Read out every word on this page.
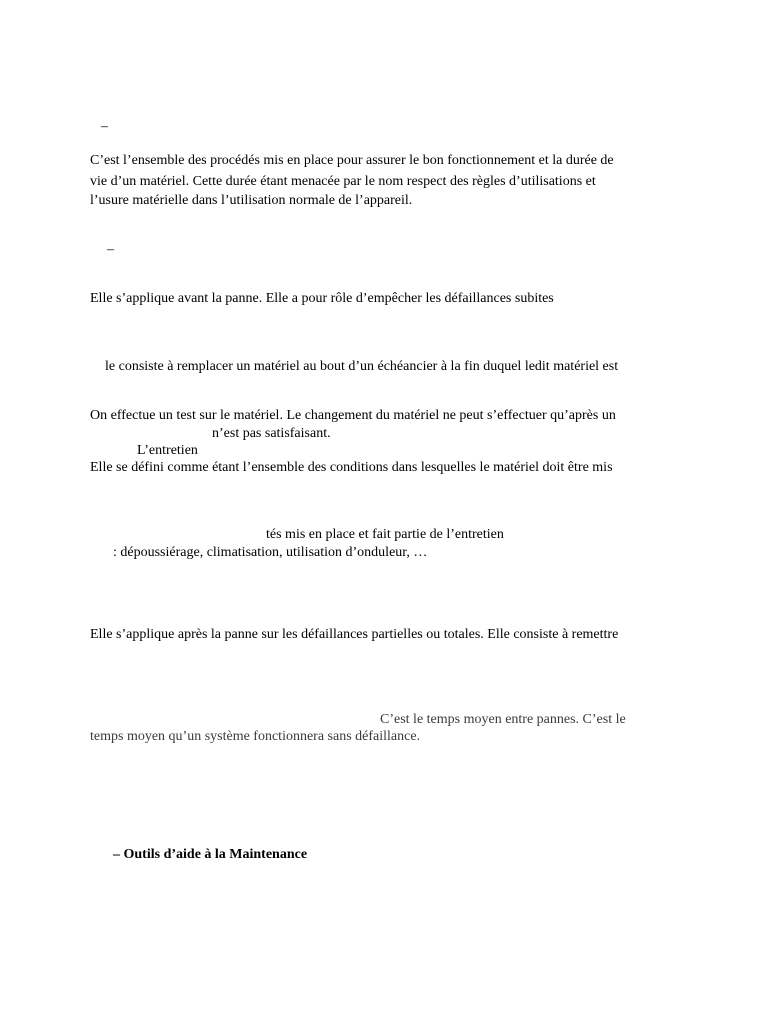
–
C’est l’ensemble des procédés mis en place pour assurer le bon fonctionnement et la durée de
vie d’un matériel. Cette durée étant menacée par le nom respect des règles d’utilisations et
l’usure matérielle dans l’utilisation normale de l’appareil.
–
Elle s’applique avant la panne. Elle a pour rôle d’empêcher les défaillances subites
le consiste à remplacer un matériel au bout d’un échéancier à la fin duquel ledit matériel est
On effectue un test sur le matériel. Le changement du matériel ne peut s’effectuer qu’après un
n’est pas satisfaisant.
L’entretien
Elle se défini comme étant l’ensemble des conditions dans lesquelles le matériel doit être mis
tés mis en place et fait partie de l’entretien
: dépoussiérage, climatisation, utilisation d’onduleur, …
Elle s’applique après la panne sur les défaillances partielles ou totales. Elle consiste à remettre
C’est le temps moyen entre pannes. C’est le
temps moyen qu’un système fonctionnera sans défaillance.
– Outils d’aide à la Maintenance
